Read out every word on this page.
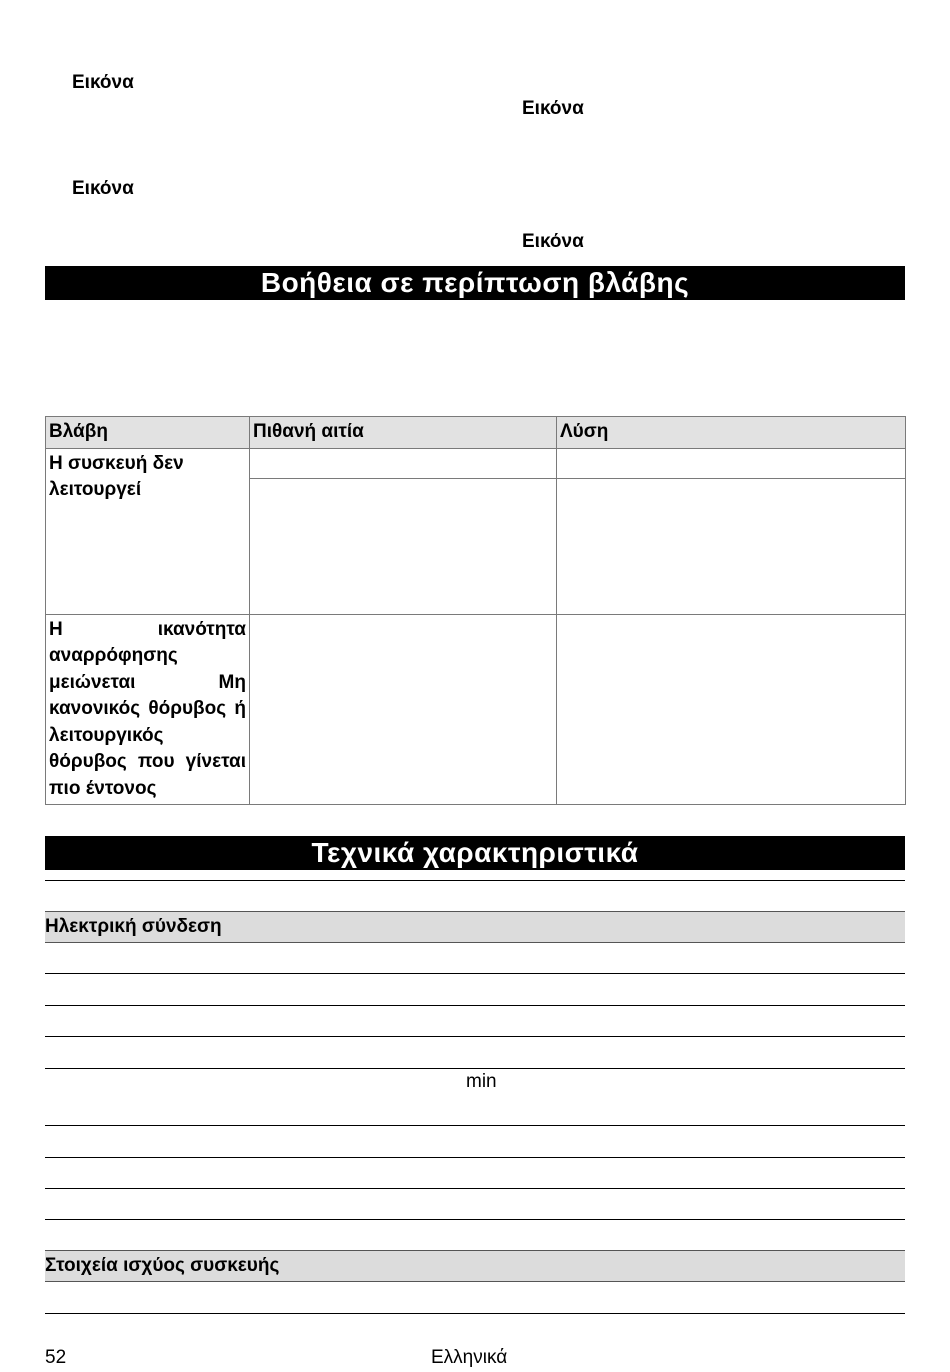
Εικόνα
Εικόνα
Εικόνα
Εικόνα
Βοήθεια σε περίπτωση βλάβης
Βλάβη	Πιθανή αιτία	Λύση
Η συσκευή δεν λειτουργεί		

Η ικανότητα αναρρόφησης μειώνεται Μη κανονικός θόρυβος ή λειτουργικός θόρυβος που γίνεται πιο έντονος		
Τεχνικά χαρακτηριστικά
Ηλεκτρική σύνδεση
min
Στοιχεία ισχύος συσκευής
52	Ελληνικά
